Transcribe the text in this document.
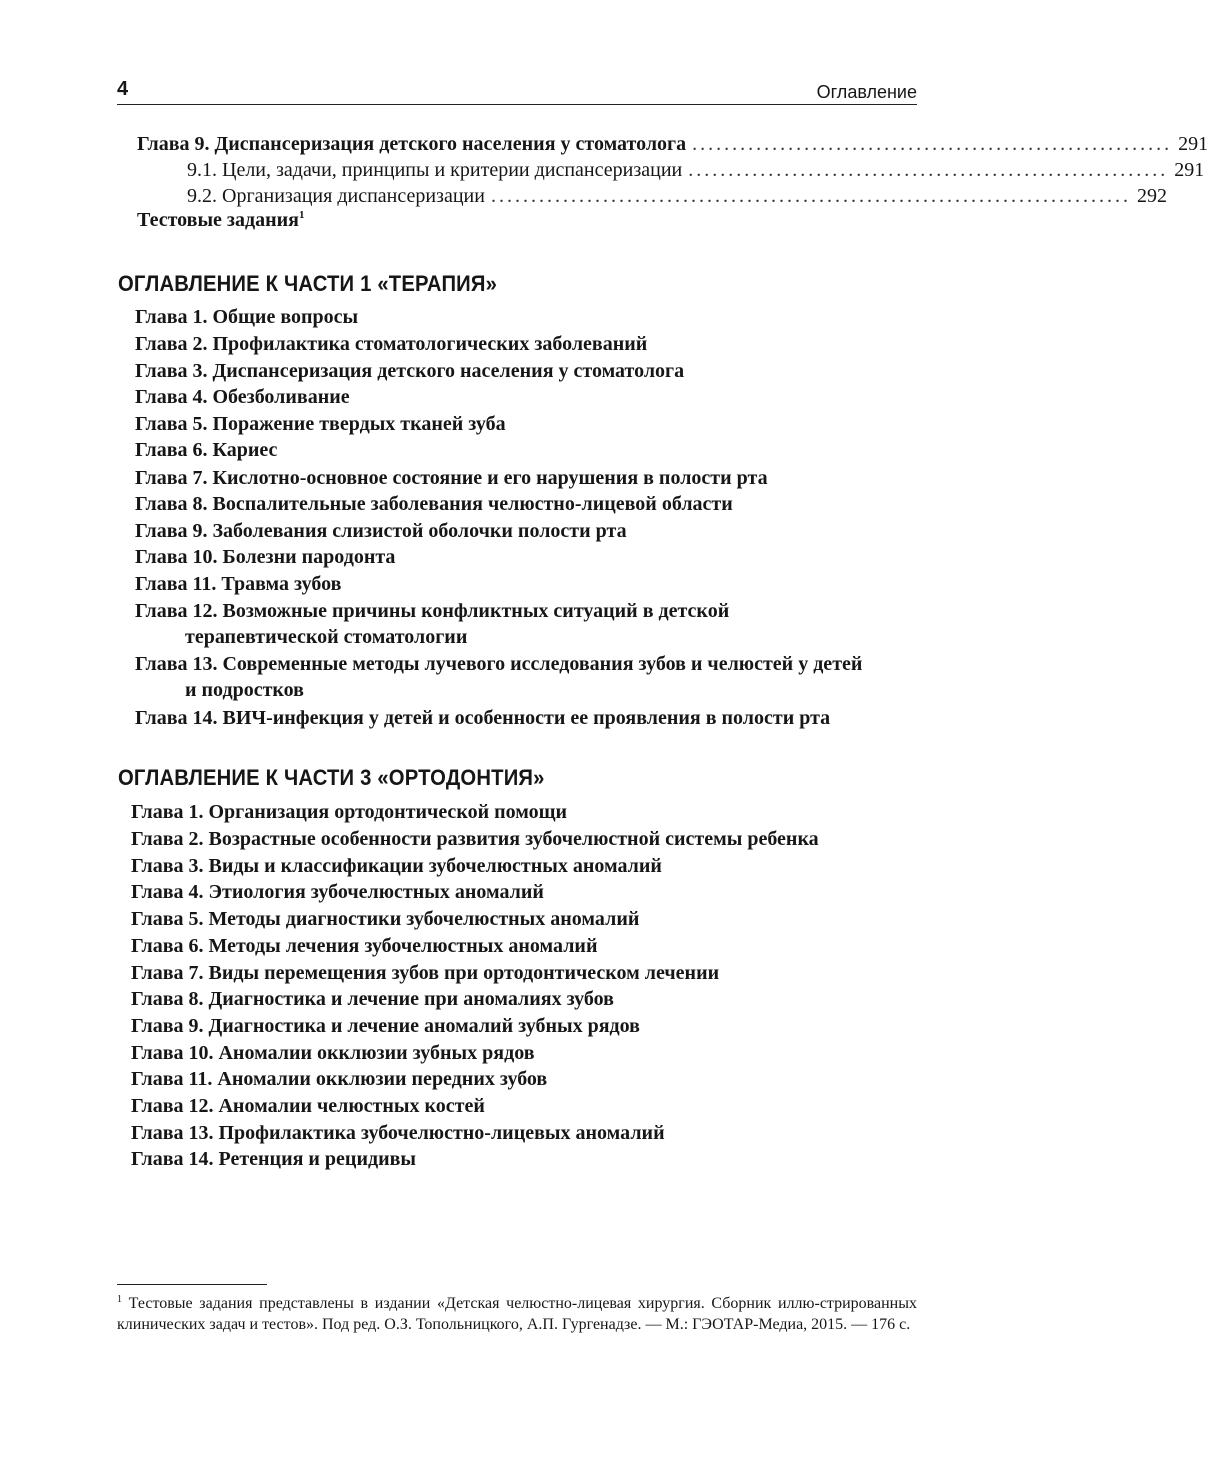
4	Оглавление
Глава 9. Диспансеризация детского населения у стоматолога ............................................................ 291
9.1. Цели, задачи, принципы и критерии диспансеризации ............................................................ 291
9.2. Организация диспансеризации ................................................................................ 292
Тестовые задания$^1$
ОГЛАВЛЕНИЕ К ЧАСТИ 1 «ТЕРАПИЯ»
Глава 1. Общие вопросы
Глава 2. Профилактика стоматологических заболеваний
Глава 3. Диспансеризация детского населения у стоматолога
Глава 4. Обезболивание
Глава 5. Поражение твердых тканей зуба
Глава 6. Кариес
Глава 7. Кислотно-основное состояние и его нарушения в полости рта
Глава 8. Воспалительные заболевания челюстно-лицевой области
Глава 9. Заболевания слизистой оболочки полости рта
Глава 10. Болезни пародонта
Глава 11. Травма зубов
Глава 12. Возможные причины конфликтных ситуаций в детской
терапевтической стоматологии
Глава 13. Современные методы лучевого исследования зубов и челюстей у детей
и подростков
Глава 14. ВИЧ-инфекция у детей и особенности ее проявления в полости рта
ОГЛАВЛЕНИЕ К ЧАСТИ 3 «ОРТОДОНТИЯ»
Глава 1. Организация ортодонтической помощи
Глава 2. Возрастные особенности развития зубочелюстной системы ребенка
Глава 3. Виды и классификации зубочелюстных аномалий
Глава 4. Этиология зубочелюстных аномалий
Глава 5. Методы диагностики зубочелюстных аномалий
Глава 6. Методы лечения зубочелюстных аномалий
Глава 7. Виды перемещения зубов при ортодонтическом лечении
Глава 8. Диагностика и лечение при аномалиях зубов
Глава 9. Диагностика и лечение аномалий зубных рядов
Глава 10. Аномалии окклюзии зубных рядов
Глава 11. Аномалии окклюзии передних зубов
Глава 12. Аномалии челюстных костей
Глава 13. Профилактика зубочелюстно-лицевых аномалий
Глава 14. Ретенция и рецидивы
$^1$ Тестовые задания представлены в издании «Детская челюстно-лицевая хирургия. Сборник иллю-стрированных клинических задач и тестов». Под ред. О.З. Топольницкого, А.П. Гургенадзе. — М.: ГЭОТАР-Медиа, 2015. — 176 с.
